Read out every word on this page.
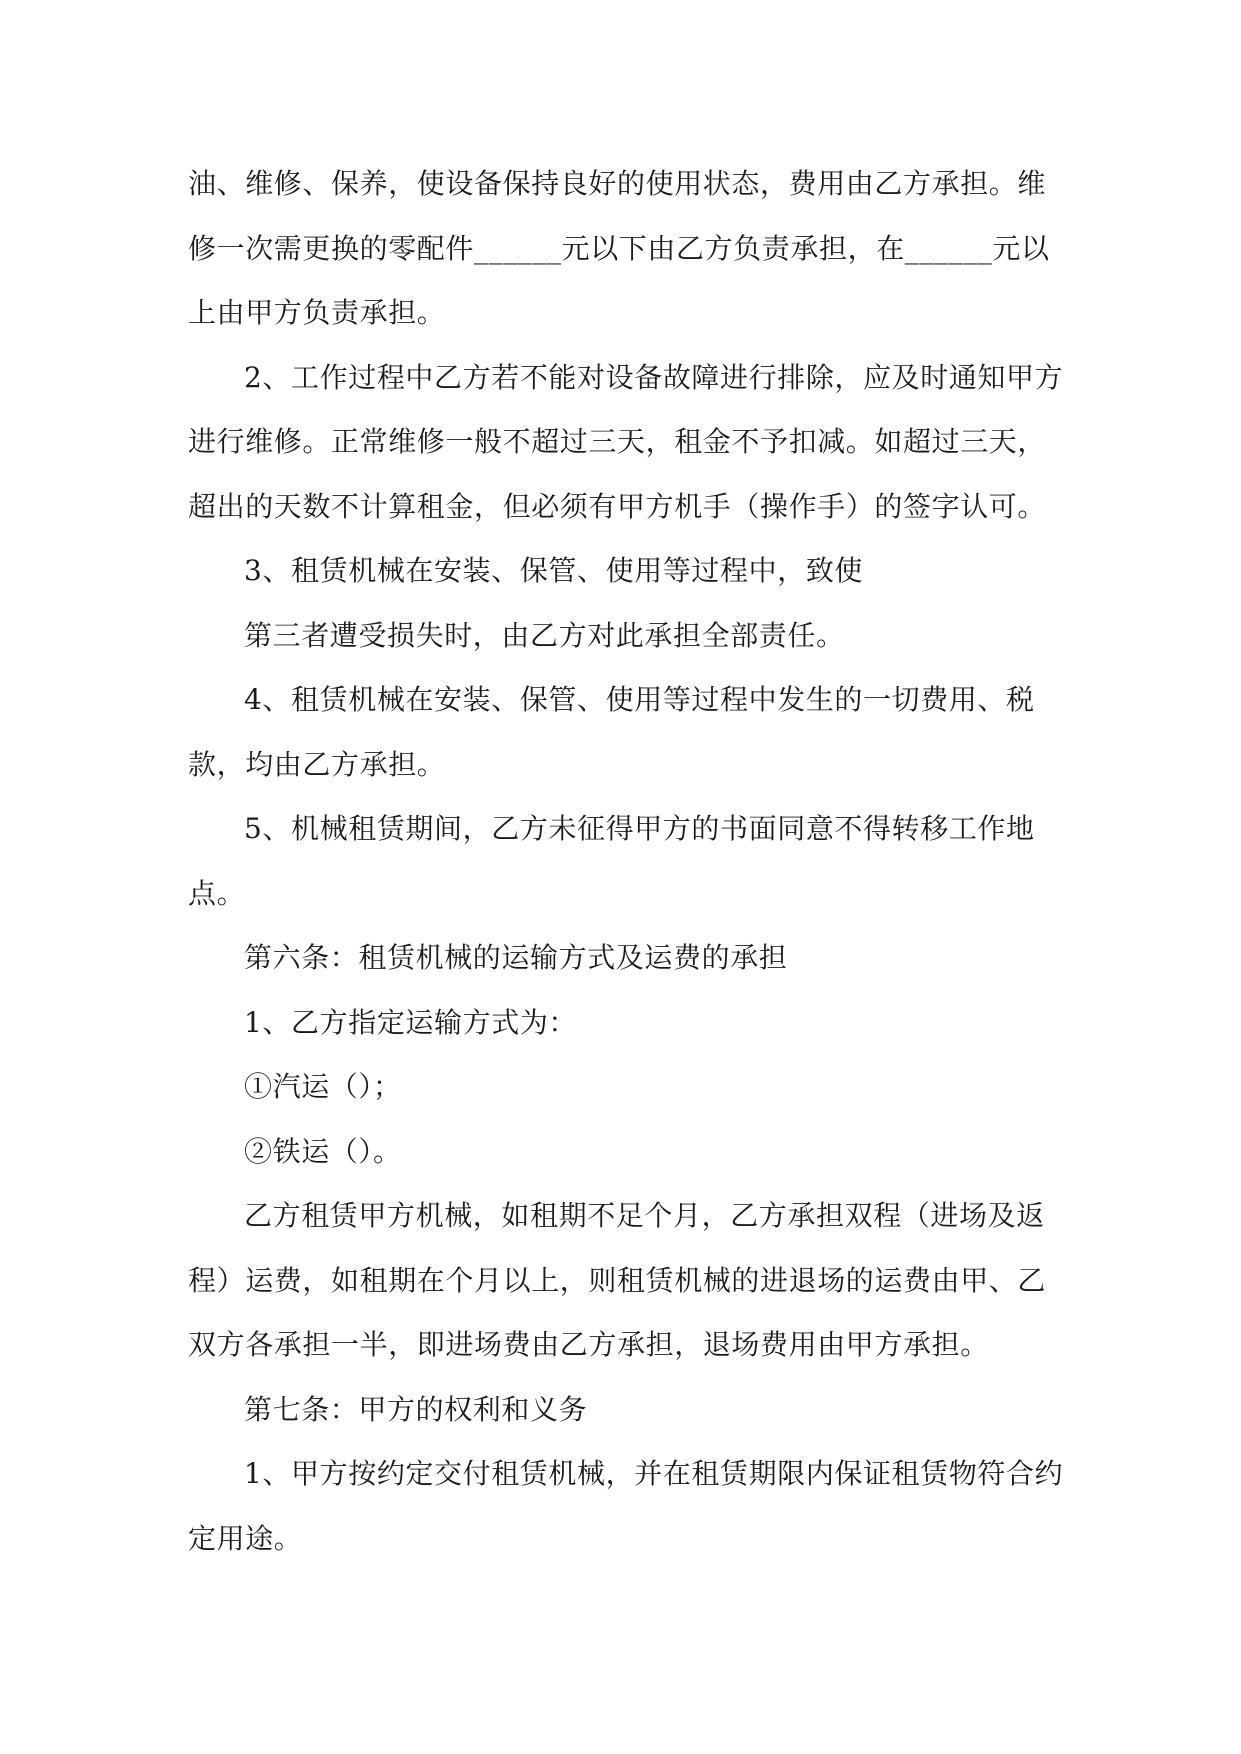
油、维修、保养，使设备保持良好的使用状态，费用由乙方承担。维修一次需更换的零配件______元以下由乙方负责承担，在______元以上由甲方负责承担。

2、工作过程中乙方若不能对设备故障进行排除，应及时通知甲方进行维修。正常维修一般不超过三天，租金不予扣减。如超过三天，超出的天数不计算租金，但必须有甲方机手（操作手）的签字认可。

3、租赁机械在安装、保管、使用等过程中，致使

第三者遭受损失时，由乙方对此承担全部责任。

4、租赁机械在安装、保管、使用等过程中发生的一切费用、税款，均由乙方承担。

5、机械租赁期间，乙方未征得甲方的书面同意不得转移工作地点。

第六条：租赁机械的运输方式及运费的承担

1、乙方指定运输方式为：

①汽运（）；

②铁运（）。

乙方租赁甲方机械，如租期不足个月，乙方承担双程（进场及返程）运费，如租期在个月以上，则租赁机械的进退场的运费由甲、乙双方各承担一半，即进场费由乙方承担，退场费用由甲方承担。

第七条：甲方的权利和义务

1、甲方按约定交付租赁机械，并在租赁期限内保证租赁物符合约定用途。
